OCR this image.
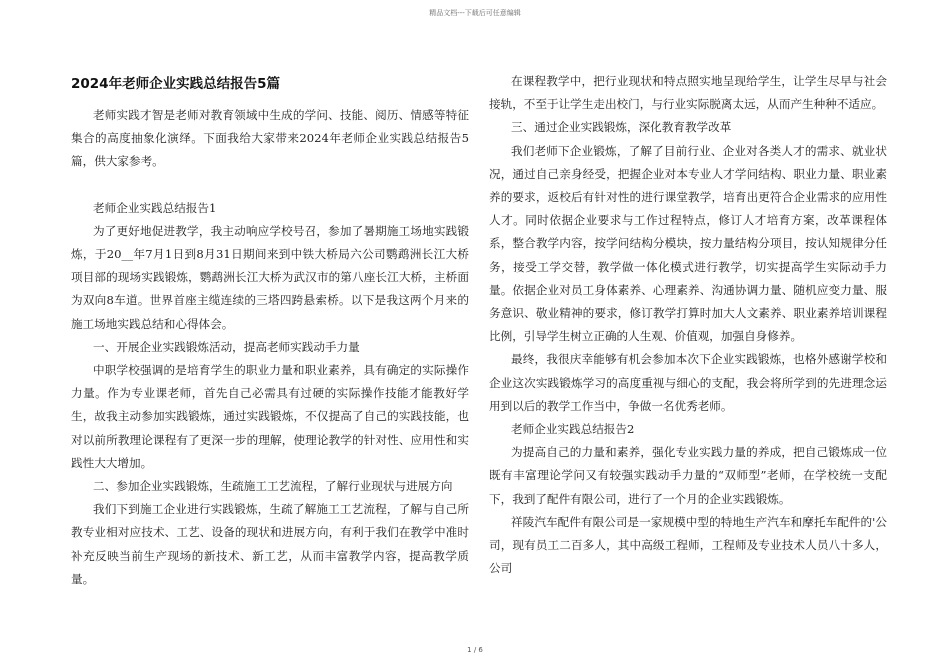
精品文档---下载后可任意编辑
2024年老师企业实践总结报告5篇

老师实践才智是老师对教育领域中生成的学问、技能、阅历、情感等特征集合的高度抽象化演绎。下面我给大家带来2024年老师企业实践总结报告5篇，供大家参考。

老师企业实践总结报告1

为了更好地促进教学，我主动响应学校号召，参加了暑期施工场地实践锻炼，于20__年7月1日到8月31日期间来到中铁大桥局六公司鹦鹉洲长江大桥项目部的现场实践锻炼，鹦鹉洲长江大桥为武汉市的第八座长江大桥，主桥面为双向8车道。世界首座主缆连续的三塔四跨悬索桥。以下是我这两个月来的施工场地实践总结和心得体会。

一、开展企业实践锻炼活动，提高老师实践动手力量

中职学校强调的是培育学生的职业力量和职业素养，具有确定的实际操作力量。作为专业课老师，首先自己必需具有过硬的实际操作技能才能教好学生，故我主动参加实践锻炼，通过实践锻炼，不仅提高了自己的实践技能，也对以前所教理论课程有了更深一步的理解，使理论教学的针对性、应用性和实践性大大增加。

二、参加企业实践锻炼，生疏施工工艺流程，了解行业现状与进展方向

我们下到施工企业进行实践锻炼，生疏了解施工工艺流程，了解与自己所教专业相对应技术、工艺、设备的现状和进展方向，有利于我们在教学中准时补充反映当前生产现场的新技术、新工艺，从而丰富教学内容，提高教学质量。

在课程教学中，把行业现状和特点照实地呈现给学生，让学生尽早与社会接轨，不至于让学生走出校门，与行业实际脱离太远，从而产生种种不适应。

三、通过企业实践锻炼，深化教育教学改革

我们老师下企业锻炼，了解了目前行业、企业对各类人才的需求、就业状况，通过自己亲身经受，把握企业对本专业人才学问结构、职业力量、职业素养的要求，返校后有针对性的进行课堂教学，培育出更符合企业需求的应用性人才。同时依据企业要求与工作过程特点，修订人才培育方案，改革课程体系，整合教学内容，按学问结构分模块，按力量结构分项目，按认知规律分任务，接受工学交替，教学做一体化模式进行教学，切实提高学生实际动手力量。依据企业对员工身体素养、心理素养、沟通协调力量、随机应变力量、服务意识、敬业精神的要求，修订教学打算时加大人文素养、职业素养培训课程比例，引导学生树立正确的人生观、价值观，加强自身修养。

最终，我很庆幸能够有机会参加本次下企业实践锻炼，也格外感谢学校和企业这次实践锻炼学习的高度重视与细心的支配，我会将所学到的先进理念运用到以后的教学工作当中，争做一名优秀老师。

老师企业实践总结报告2

为提高自己的力量和素养，强化专业实践力量的养成，把自己锻炼成一位既有丰富理论学问又有较强实践动手力量的“双师型”老师，在学校统一支配下，我到了配件有限公司，进行了一个月的企业实践锻炼。

祥陵汽车配件有限公司是一家规模中型的特地生产汽车和摩托车配件的'公司，现有员工二百多人，其中高级工程师，工程师及专业技术人员八十多人，公司

1 / 6
